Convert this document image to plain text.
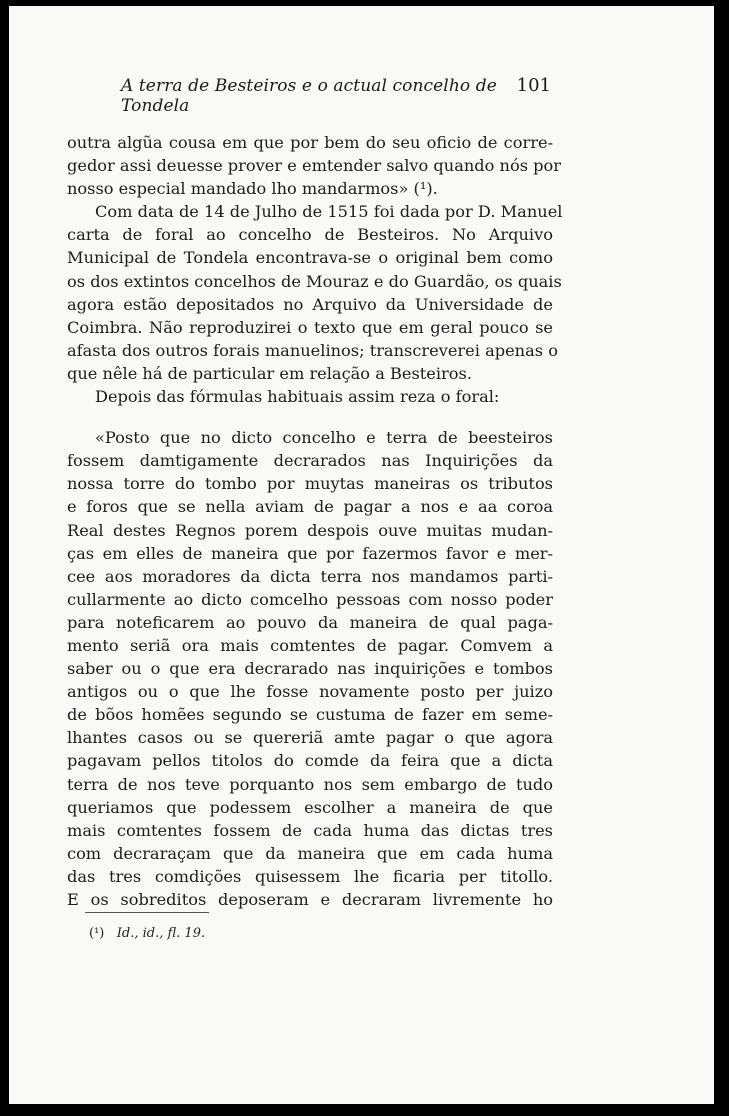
A terra de Besteiros e o actual concelho de Tondela
101
outra algũa cousa em que por bem do seu oficio de corre-
gedor assi deuesse prover e emtender salvo quando nós por
nosso especial mandado lho mandarmos» (¹).
Com data de 14 de Julho de 1515 foi dada por D. Manuel
carta de foral ao concelho de Besteiros. No Arquivo
Municipal de Tondela encontrava-se o original bem como
os dos extintos concelhos de Mouraz e do Guardão, os quais
agora estão depositados no Arquivo da Universidade de
Coimbra. Não reproduzirei o texto que em geral pouco se
afasta dos outros forais manuelinos; transcreverei apenas o
que nêle há de particular em relação a Besteiros.
Depois das fórmulas habituais assim reza o foral:
«Posto que no dicto concelho e terra de beesteiros
fossem damtigamente decrarados nas Inquirições da
nossa torre do tombo por muytas maneiras os tributos
e foros que se nella aviam de pagar a nos e aa coroa
Real destes Regnos porem despois ouve muitas mudan-
ças em elles de maneira que por fazermos favor e mer-
cee aos moradores da dicta terra nos mandamos parti-
cullarmente ao dicto comcelho pessoas com nosso poder
para noteficarem ao pouvo da maneira de qual paga-
mento seriã ora mais comtentes de pagar. Comvem a
saber ou o que era decrarado nas inquirições e tombos
antigos ou o que lhe fosse novamente posto per juizo
de bõos homẽes segundo se custuma de fazer em seme-
lhantes casos ou se quereriã amte pagar o que agora
pagavam pellos titolos do comde da feira que a dicta
terra de nos teve porquanto nos sem embargo de tudo
queriamos que podessem escolher a maneira de que
mais comtentes fossem de cada huma das dictas tres
com decraraçam que da maneira que em cada huma
das tres comdições quisessem lhe ficaria per titollo.
E os sobreditos deposeram e decraram livremente ho
(¹) Id., id., fl. 19.
